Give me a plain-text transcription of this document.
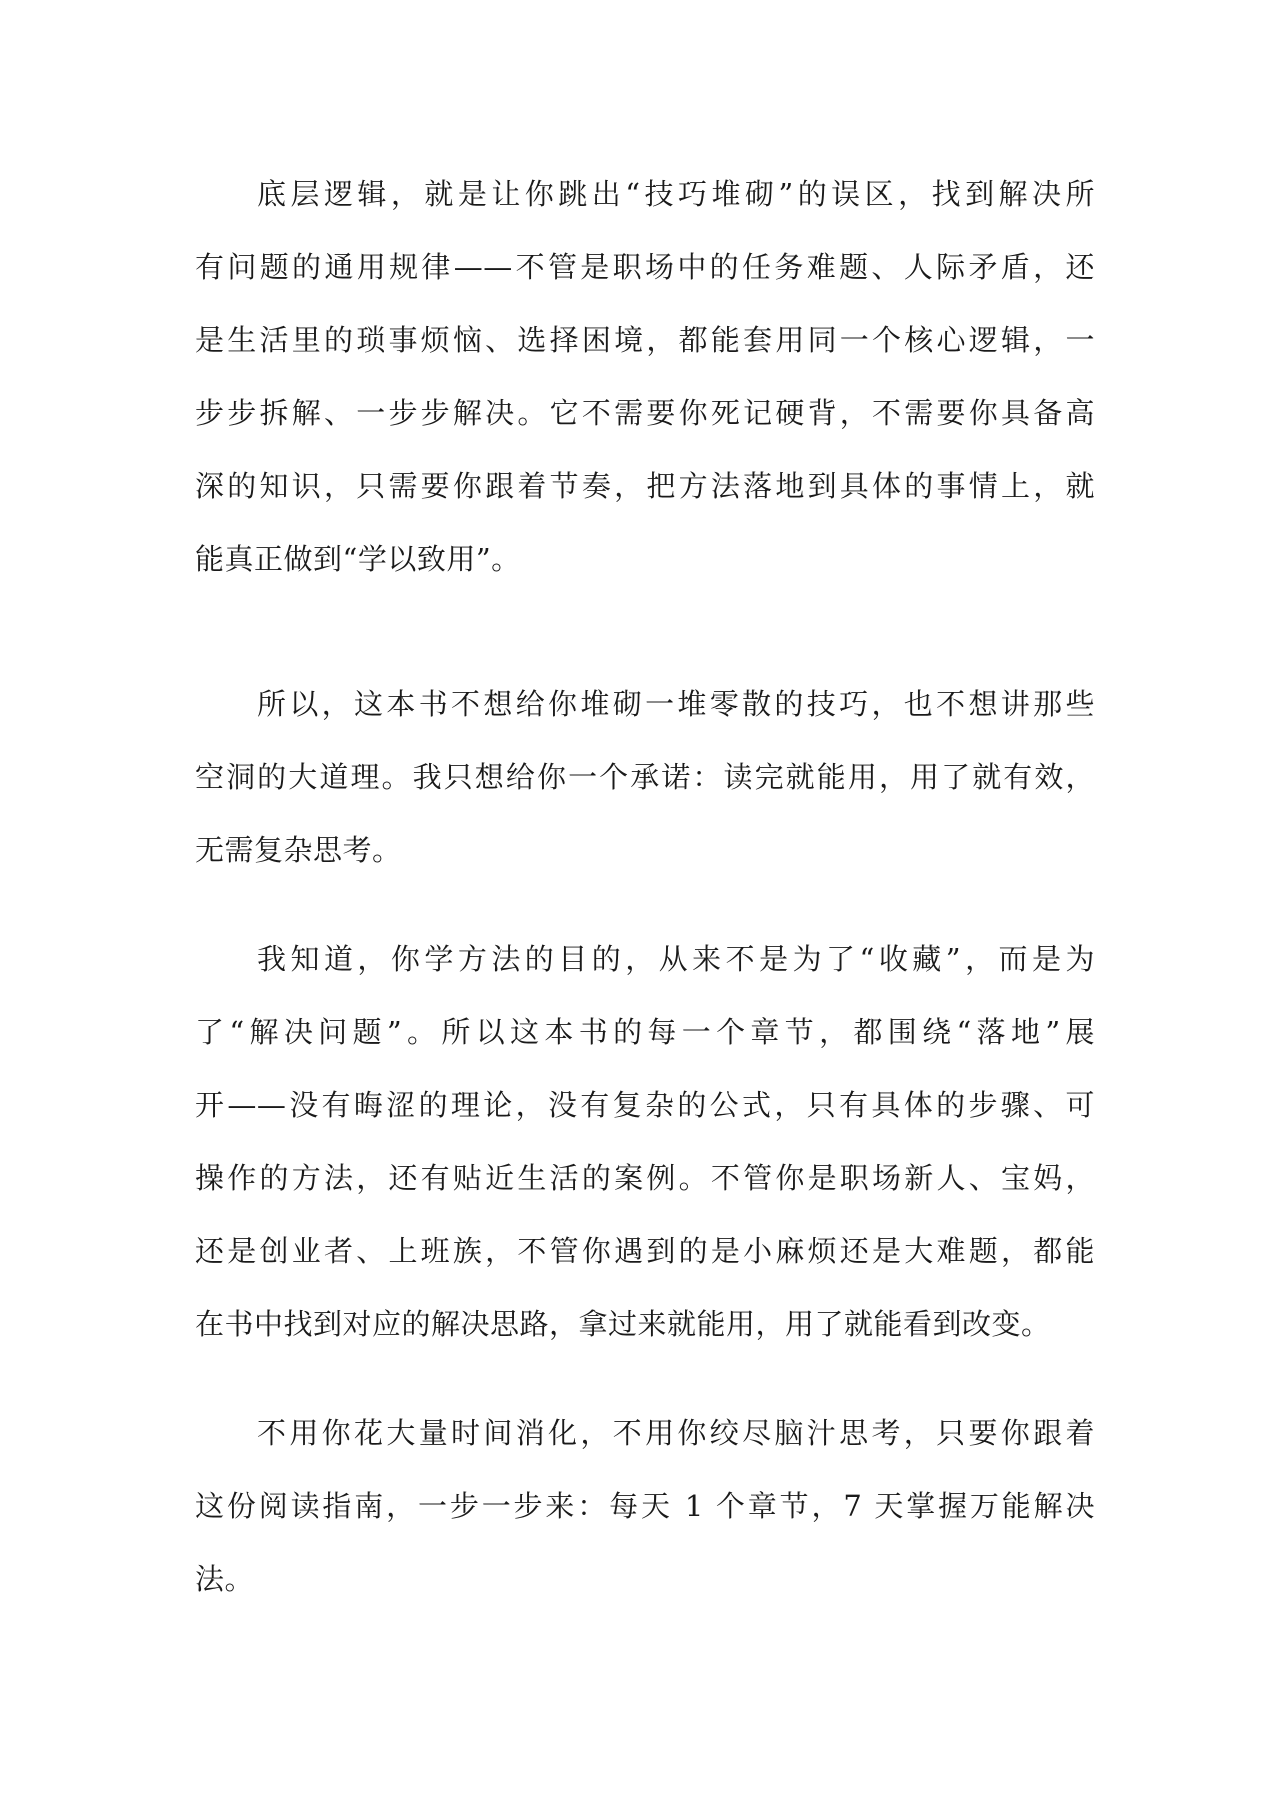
底层逻辑，就是让你跳出“技巧堆砌”的误区，找到解决所
有问题的通用规律——不管是职场中的任务难题、人际矛盾，还
是生活里的琐事烦恼、选择困境，都能套用同一个核心逻辑，一
步步拆解、一步步解决。它不需要你死记硬背，不需要你具备高
深的知识，只需要你跟着节奏，把方法落地到具体的事情上，就
能真正做到“学以致用”。
所以，这本书不想给你堆砌一堆零散的技巧，也不想讲那些
空洞的大道理。我只想给你一个承诺：读完就能用，用了就有效，
无需复杂思考。
我知道，你学方法的目的，从来不是为了“收藏”，而是为
了“解决问题”。所以这本书的每一个章节，都围绕“落地”展
开——没有晦涩的理论，没有复杂的公式，只有具体的步骤、可
操作的方法，还有贴近生活的案例。不管你是职场新人、宝妈，
还是创业者、上班族，不管你遇到的是小麻烦还是大难题，都能
在书中找到对应的解决思路，拿过来就能用，用了就能看到改变。
不用你花大量时间消化，不用你绞尽脑汁思考，只要你跟着
这份阅读指南，一步一步来：每天 1 个章节，7 天掌握万能解决
法。
